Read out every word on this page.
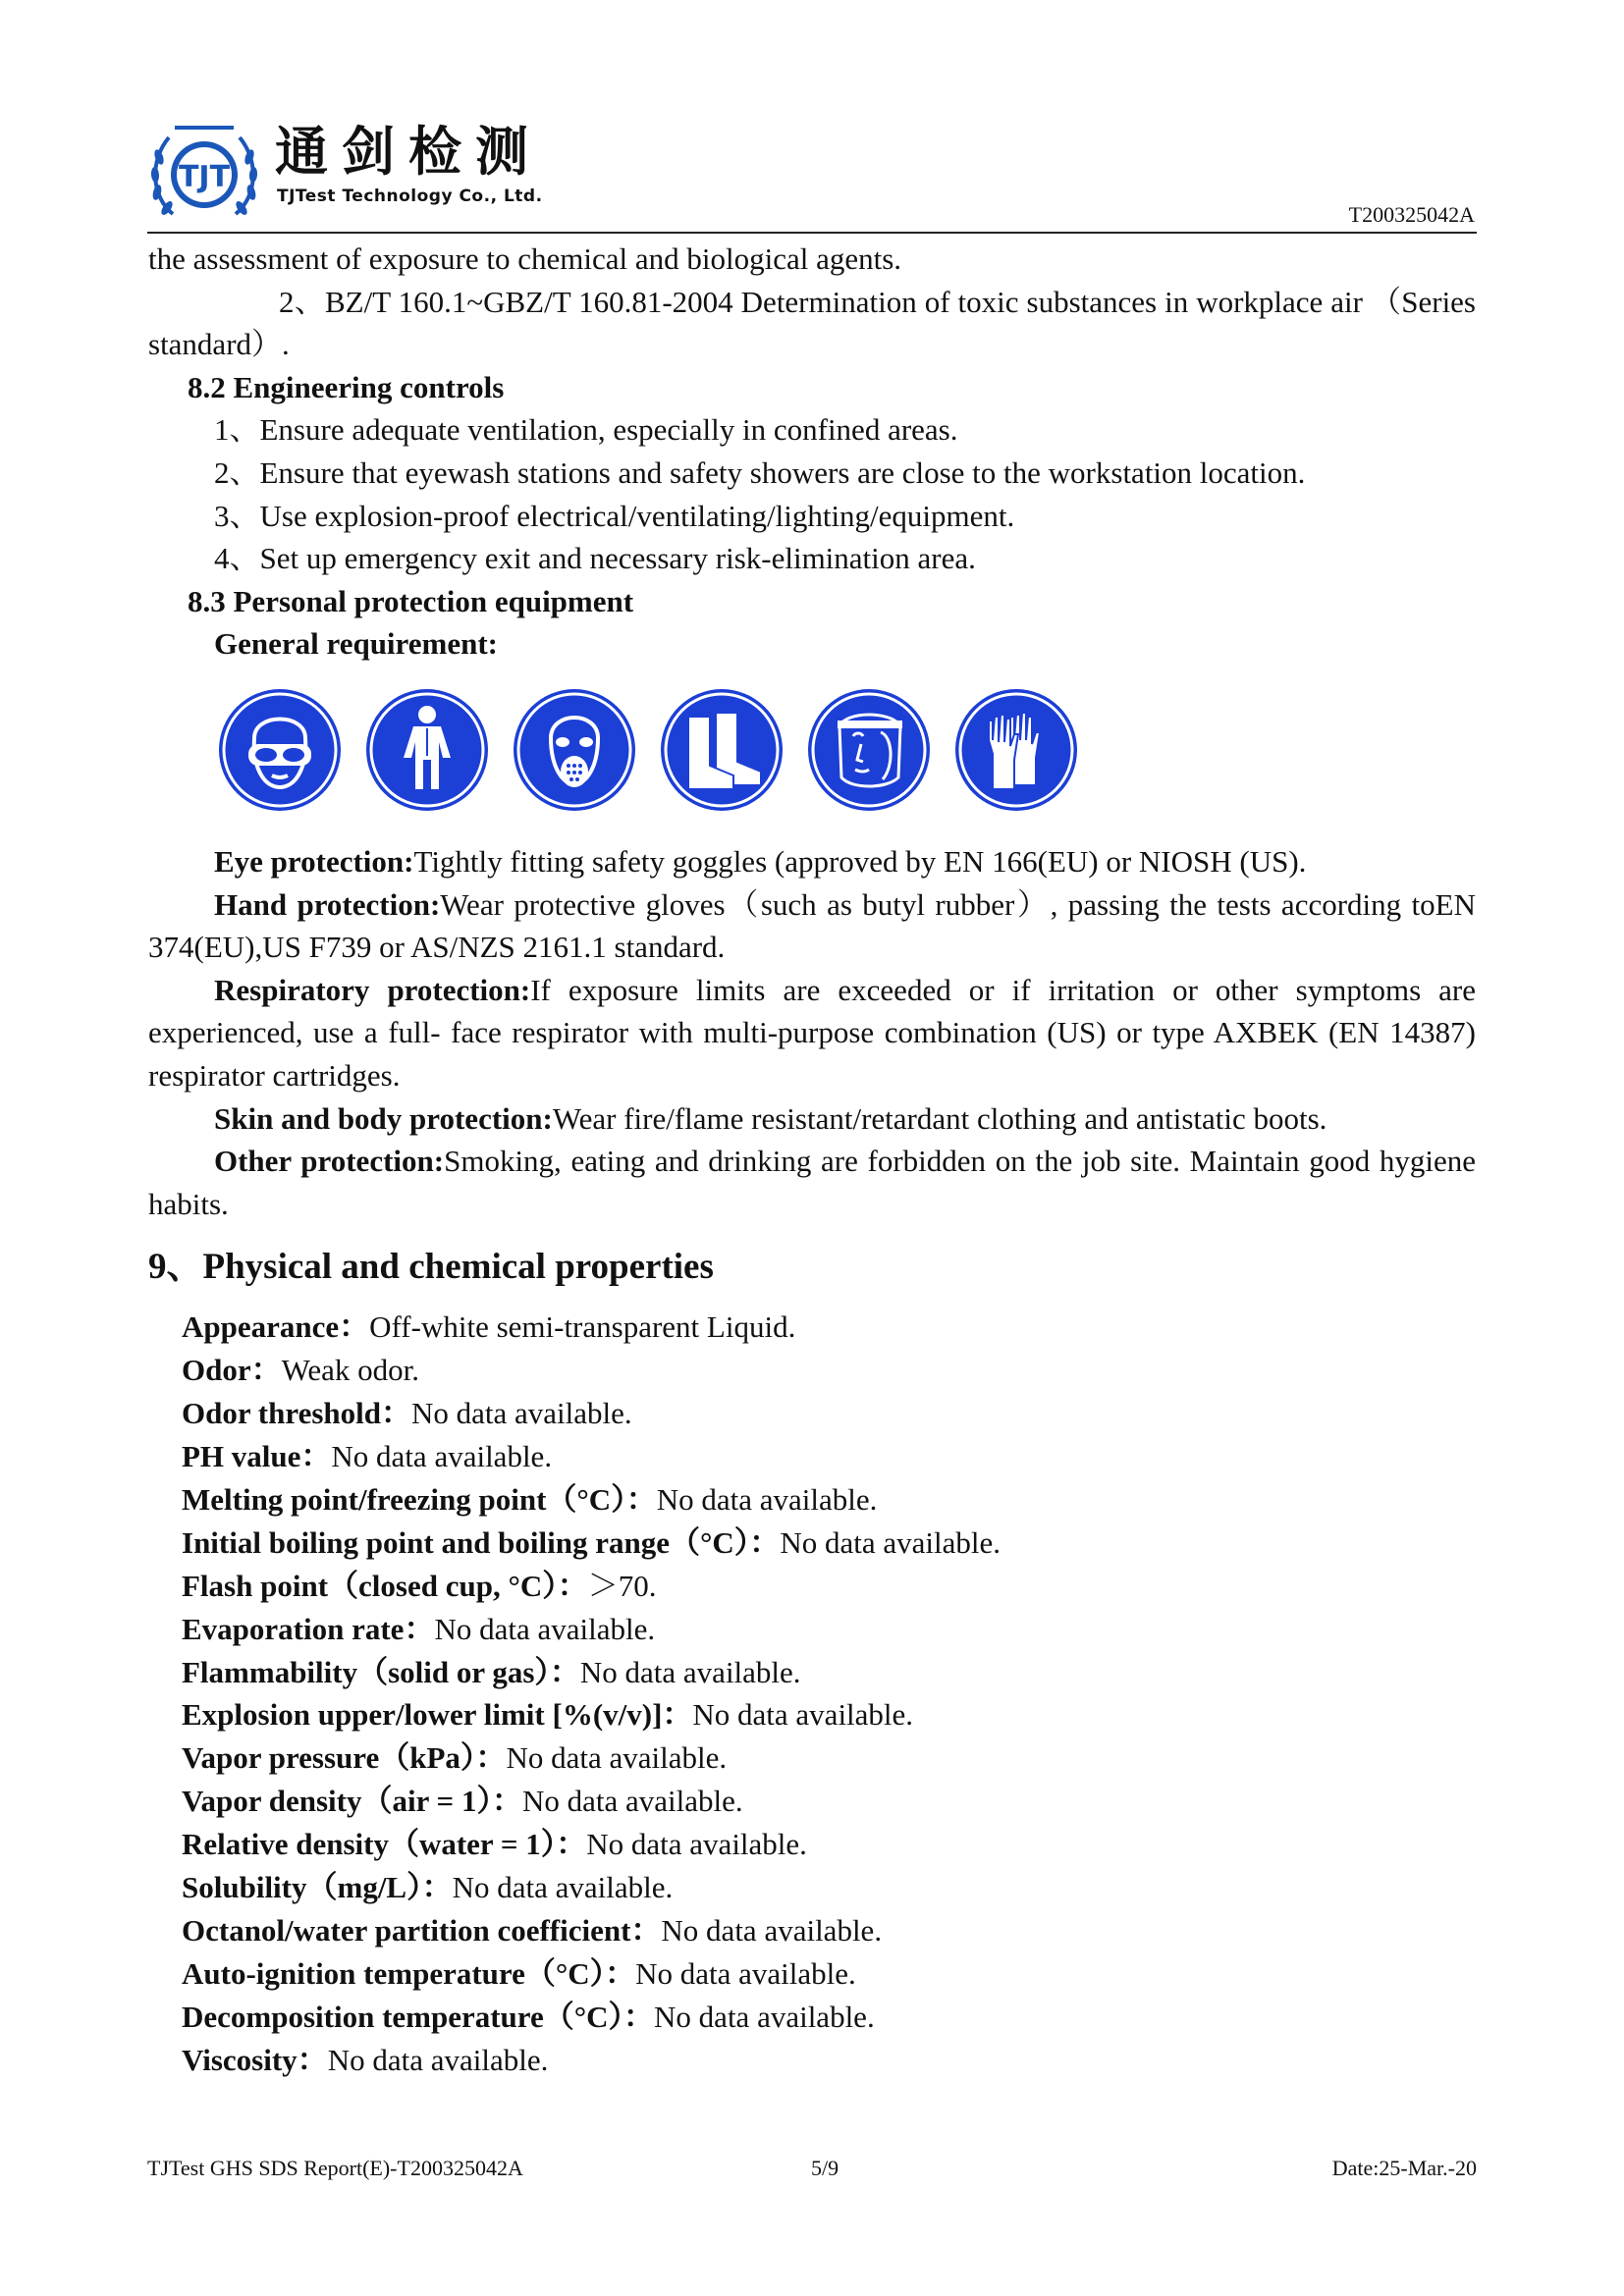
TJT 通剑检测
TJTest Technology Co., Ltd.
T200325042A

the assessment of exposure to chemical and biological agents.

2、BZ/T 160.1~GBZ/T 160.81-2004 Determination of toxic substances in workplace air （Series standard）.

8.2 Engineering controls

1、Ensure adequate ventilation, especially in confined areas.

2、Ensure that eyewash stations and safety showers are close to the workstation location.

3、Use explosion-proof electrical/ventilating/lighting/equipment.

4、Set up emergency exit and necessary risk-elimination area.

8.3 Personal protection equipment

General requirement:

Eye protection:Tightly fitting safety goggles (approved by EN 166(EU) or NIOSH (US).

Hand protection:Wear protective gloves（such as butyl rubber）, passing the tests according toEN 374(EU),US F739 or AS/NZS 2161.1 standard.

Respiratory protection:If exposure limits are exceeded or if irritation or other symptoms are experienced, use a full- face respirator with multi-purpose combination (US) or type AXBEK (EN 14387) respirator cartridges.

Skin and body protection:Wear fire/flame resistant/retardant clothing and antistatic boots.

Other protection:Smoking, eating and drinking are forbidden on the job site. Maintain good hygiene habits.

9、Physical and chemical properties

Appearance：Off-white semi-transparent Liquid.

Odor：Weak odor.

Odor threshold：No data available.

PH value：No data available.

Melting point/freezing point（°C）：No data available.

Initial boiling point and boiling range（°C）：No data available.

Flash point（closed cup, °C）：＞70.

Evaporation rate：No data available.

Flammability（solid or gas）：No data available.

Explosion upper/lower limit [%(v/v)]：No data available.

Vapor pressure（kPa）：No data available.

Vapor density（air = 1）：No data available.

Relative density（water = 1）：No data available.

Solubility（mg/L）：No data available.

Octanol/water partition coefficient：No data available.

Auto-ignition temperature（°C）：No data available.

Decomposition temperature（°C）：No data available.

Viscosity：No data available.

TJTest GHS SDS Report(E)-T200325042A	5/9	Date:25-Mar.-20
